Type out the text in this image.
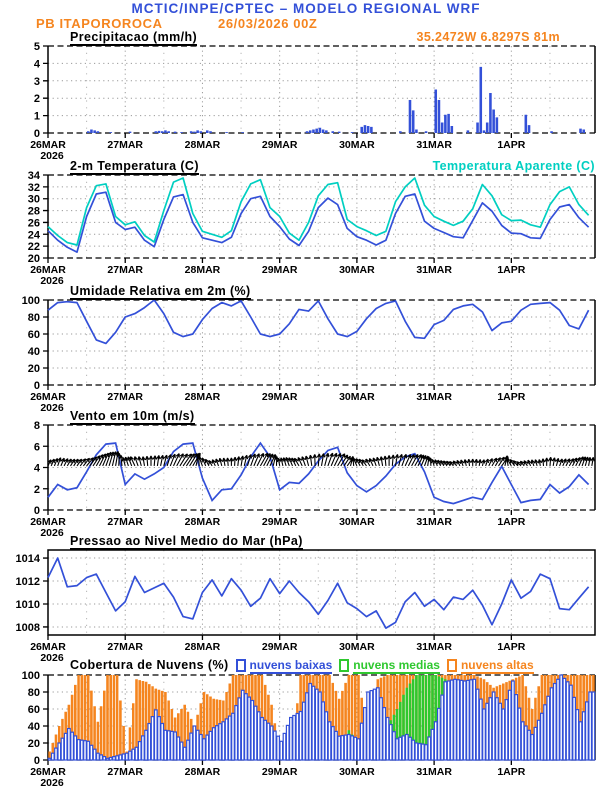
0
1
2
3
4
5
26MAR
2026
27MAR	28MAR	29MAR	30MAR	31MAR	1APR
20
22
24
26
28
30
32
34
26MAR
2026
27MAR	28MAR	29MAR	30MAR	31MAR	1APR
0
20
40
60
80
100
26MAR
2026
27MAR	28MAR	29MAR	30MAR	31MAR	1APR
0
2
4
6
8
26MAR
2026
27MAR	28MAR	29MAR	30MAR	31MAR	1APR
1008
1010
1012
1014
26MAR
2026
27MAR	28MAR	29MAR	30MAR	31MAR	1APR
0
20
40
60
80
100
26MAR
2026
27MAR	28MAR	29MAR	30MAR	31MAR	1APR
MCTIC/INPE/CPTEC – MODELO REGIONAL WRF
PB ITAPOROROCA	26/03/2026 00Z
35.2472W 6.8297S 81m
Precipitacao (mm/h)
2-m Temperatura (C)	Temperatura Aparente (C)
Umidade Relativa em 2m (%)
Vento em 10m (m/s)
Pressao ao Nivel Medio do Mar (hPa)
Cobertura de Nuvens (%) nuvens baixas nuvens medias nuvens altas
